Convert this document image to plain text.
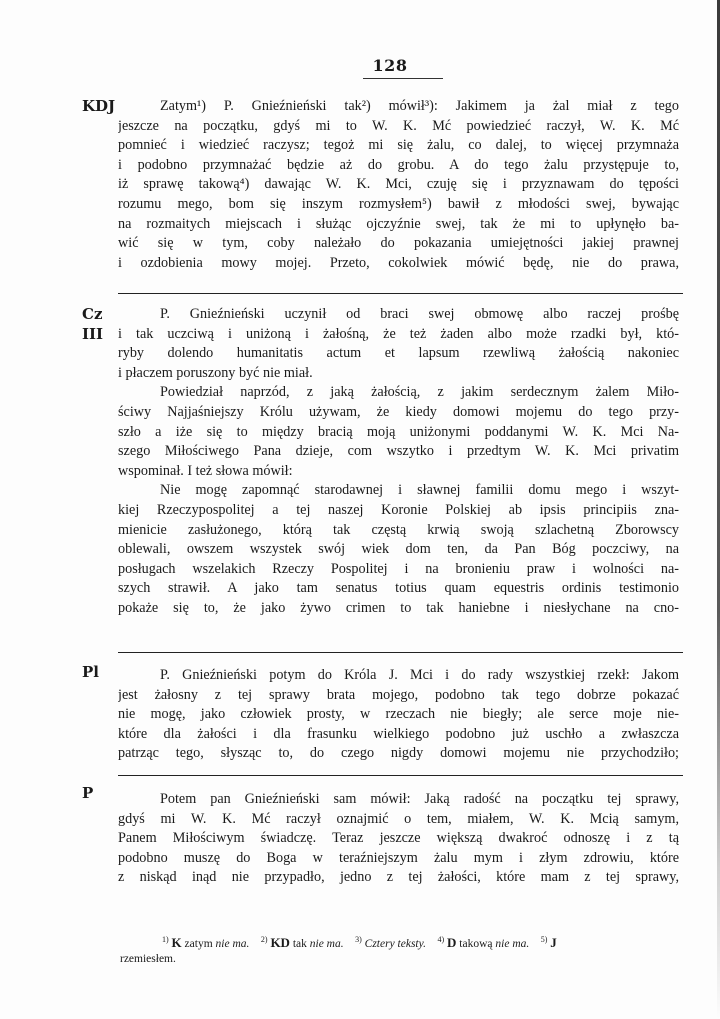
128
KDJ	Zatym¹) P. Gnieźnieński tak²) mówił³): Jakimem ja żal miał z tego
jeszcze na początku, gdyś mi to W. K. Mć powiedzieć raczył, W. K. Mć
pomnieć i wiedzieć raczysz; tegoż mi się żalu, co dalej, to więcej przymnaża
i podobno przymnażać będzie aż do grobu. A do tego żalu przystępuje to,
iż sprawę takową⁴) dawając W. K. Mci, czuję się i przyznawam do tępości
rozumu mego, bom się inszym rozmysłem⁵) bawił z młodości swej, bywając
na rozmaitych miejscach i służąc ojczyźnie swej, tak że mi to upłynęło ba-
wić się w tym, coby należało do pokazania umiejętności jakiej prawnej
i ozdobienia mowy mojej. Przeto, cokolwiek mówić będę, nie do prawa,
Cz
III
P. Gnieźnieński uczynił od braci swej obmowę albo raczej prośbę
i tak uczciwą i uniżoną i żałośną, że też żaden albo może rzadki był, któ-
ryby dolendo humanitatis actum et lapsum rzewliwą żałością nakoniec
i płaczem poruszony być nie miał.
Powiedział naprzód, z jaką żałością, z jakim serdecznym żalem Miło-
ściwy Najjaśniejszy Królu używam, że kiedy domowi mojemu do tego przy-
szło a iże się to między bracią moją uniżonymi poddanymi W. K. Mci Na-
szego Miłościwego Pana dzieje, com wszytko i przedtym W. K. Mci privatim
wspominał. I też słowa mówił:
Nie mogę zapomnąć starodawnej i sławnej familii domu mego i wszyt-
kiej Rzeczypospolitej a tej naszej Koronie Polskiej ab ipsis principiis zna-
mienicie zasłużonego, którą tak częstą krwią swoją szlachetną Zborowscy
oblewali, owszem wszystek swój wiek dom ten, da Pan Bóg poczciwy, na
posługach wszelakich Rzeczy Pospolitej i na bronieniu praw i wolności na-
szych strawił. A jako tam senatus totius quam equestris ordinis testimonio
pokaże się to, że jako żywo crimen to tak haniebne i niesłychane na cno-
Pl	P. Gnieźnieński potym do Króla J. Mci i do rady wszystkiej rzekł: Jakom
jest żałosny z tej sprawy brata mojego, podobno tak tego dobrze pokazać
nie mogę, jako człowiek prosty, w rzeczach nie biegły; ale serce moje nie-
które dla żałości i dla frasunku wielkiego podobno już uschło a zwłaszcza
patrząc tego, słysząc to, do czego nigdy domowi mojemu nie przychodziło;
P	Potem pan Gnieźnieński sam mówił: Jaką radość na początku tej sprawy,
gdyś mi W. K. Mć raczył oznajmić o tem, miałem, W. K. Mcią samym,
Panem Miłościwym świadczę. Teraz jeszcze większą dwakroć odnoszę i z tą
podobno muszę do Boga w teraźniejszym żalu mym i złym zdrowiu, które
z niskąd inąd nie przypadło, jedno z tej żałości, które mam z tej sprawy,
$^{1)}$ K zatym nie ma. $^{2)}$ KD tak nie ma. $^{3)}$ Cztery teksty. $^{4)}$ D takową nie ma. $^{5)}$ J
rzemiesłem.
